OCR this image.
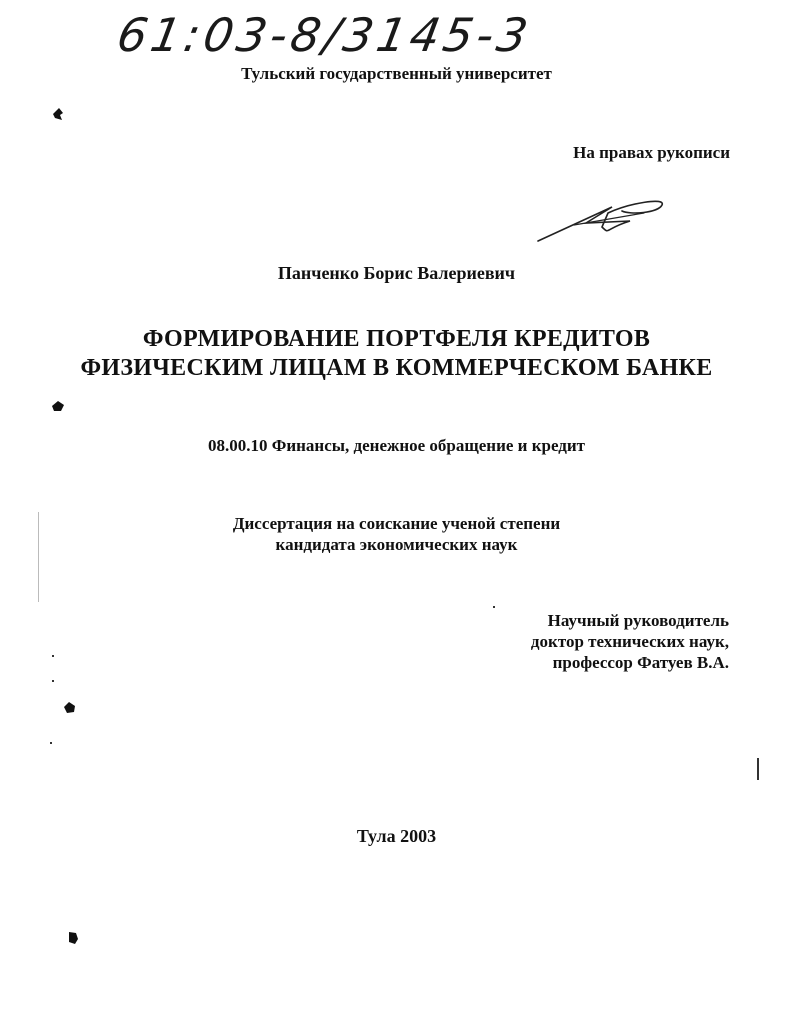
61:03-8/3145-3
Тульский государственный университет
На правах рукописи
Панченко Борис Валериевич
ФОРМИРОВАНИЕ ПОРТФЕЛЯ КРЕДИТОВ
ФИЗИЧЕСКИМ ЛИЦАМ В КОММЕРЧЕСКОМ БАНКЕ
08.00.10 Финансы, денежное обращение и кредит
Диссертация на соискание ученой степени
кандидата экономических наук
Научный руководитель
доктор технических наук,
профессор Фатуев В.А.
Тула 2003
